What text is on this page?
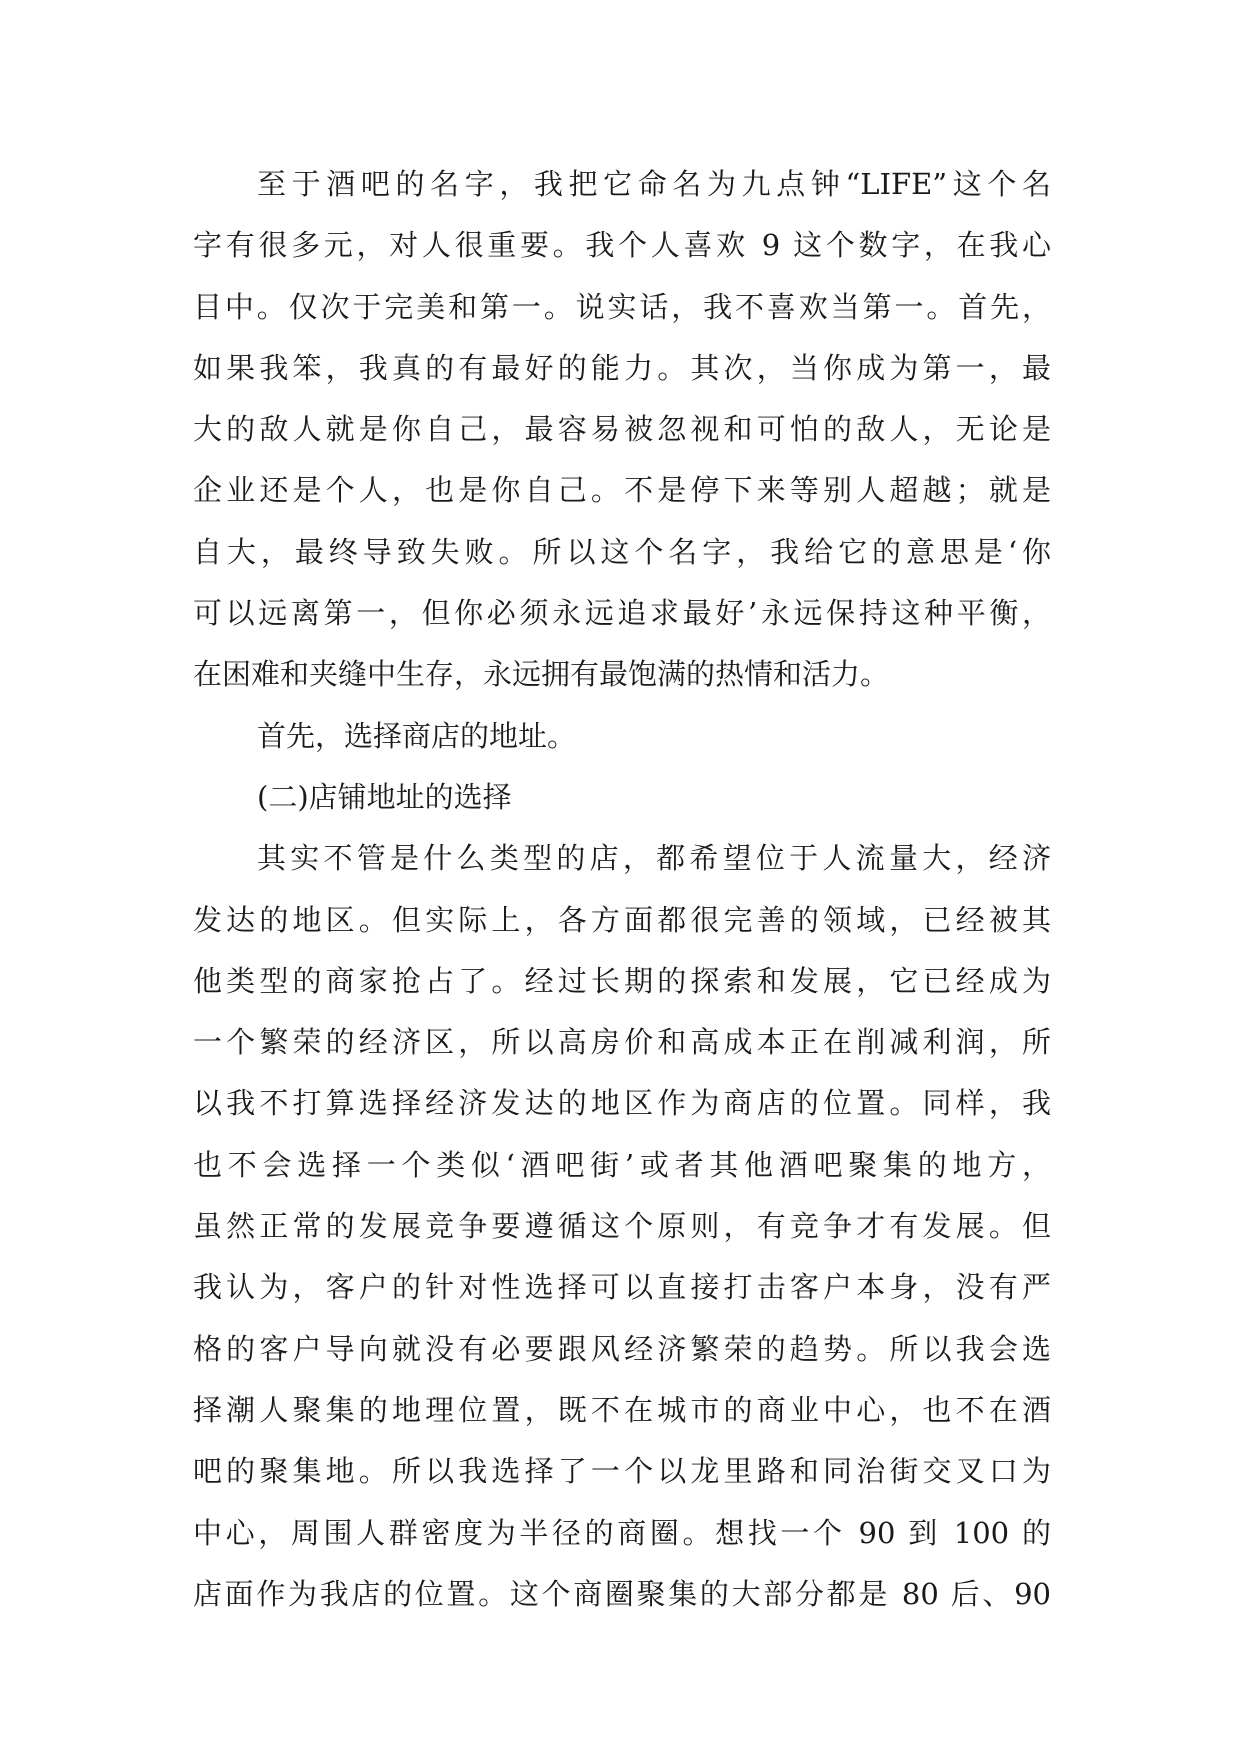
至于酒吧的名字，我把它命名为九点钟“LIFE”这个名
字有很多元，对人很重要。我个人喜欢 9 这个数字，在我心
目中。仅次于完美和第一。说实话，我不喜欢当第一。首先，
如果我笨，我真的有最好的能力。其次，当你成为第一，最
大的敌人就是你自己，最容易被忽视和可怕的敌人，无论是
企业还是个人，也是你自己。不是停下来等别人超越；就是
自大，最终导致失败。所以这个名字，我给它的意思是‘你
可以远离第一，但你必须永远追求最好’永远保持这种平衡，
在困难和夹缝中生存，永远拥有最饱满的热情和活力。
首先，选择商店的地址。
(二)店铺地址的选择
其实不管是什么类型的店，都希望位于人流量大，经济
发达的地区。但实际上，各方面都很完善的领域，已经被其
他类型的商家抢占了。经过长期的探索和发展，它已经成为
一个繁荣的经济区，所以高房价和高成本正在削减利润，所
以我不打算选择经济发达的地区作为商店的位置。同样，我
也不会选择一个类似‘酒吧街’或者其他酒吧聚集的地方，
虽然正常的发展竞争要遵循这个原则，有竞争才有发展。但
我认为，客户的针对性选择可以直接打击客户本身，没有严
格的客户导向就没有必要跟风经济繁荣的趋势。所以我会选
择潮人聚集的地理位置，既不在城市的商业中心，也不在酒
吧的聚集地。所以我选择了一个以龙里路和同治街交叉口为
中心，周围人群密度为半径的商圈。想找一个 90 到 100 的
店面作为我店的位置。这个商圈聚集的大部分都是 80 后、90
